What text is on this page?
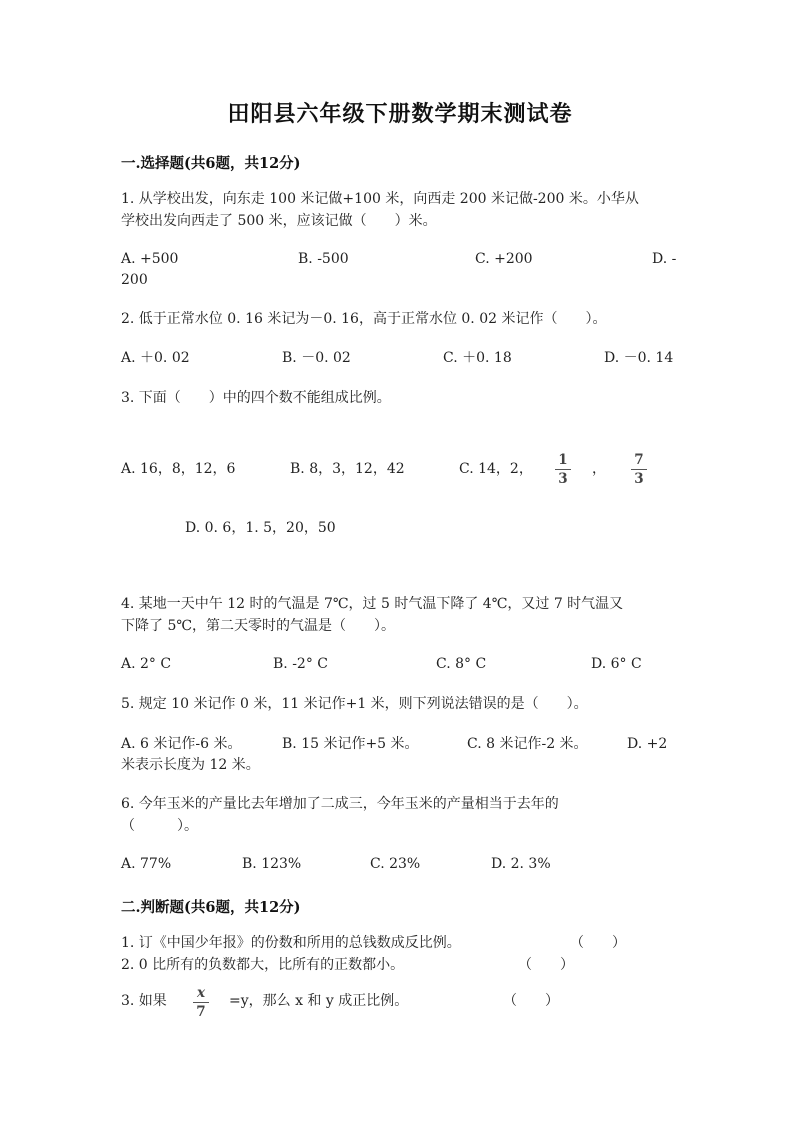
田阳县六年级下册数学期末测试卷
一.选择题(共6题，共12分)
1. 从学校出发，向东走 100 米记做+100 米，向西走 200 米记做-200 米。小华从
学校出发向西走了 500 米，应该记做（　　）米。
A. +500	B. -500	C. +200	D. -
200
2. 低于正常水位 0. 16 米记为－0. 16，高于正常水位 0. 02 米记作（　　）。
A. ＋0. 02	B. －0. 02	C. ＋0. 18	D. －0. 14
3. 下面（　　）中的四个数不能组成比例。
A. 16，8，12，6	B. 8，3，12，42	C. 14，2，
1
3
，
7
3
D. 0. 6，1. 5，20，50
4. 某地一天中午 12 时的气温是 7℃，过 5 时气温下降了 4℃，又过 7 时气温又
下降了 5℃，第二天零时的气温是（　　）。
A. 2° C	B. -2° C	C. 8° C	D. 6° C
5. 规定 10 米记作 0 米，11 米记作+1 米，则下列说法错误的是（　　）。
A. 6 米记作-6 米。	B. 15 米记作+5 米。	C. 8 米记作-2 米。	D. +2
米表示长度为 12 米。
6. 今年玉米的产量比去年增加了二成三，今年玉米的产量相当于去年的
（　　　）。
A. 77%	B. 123%	C. 23%	D. 2. 3%
二.判断题(共6题，共12分)
1. 订《中国少年报》的份数和所用的总钱数成反比例。	（　　）
2. 0 比所有的负数都大，比所有的正数都小。	（　　）
3. 如果	x
7
=y，那么 x 和 y 成正比例。	（　　）
